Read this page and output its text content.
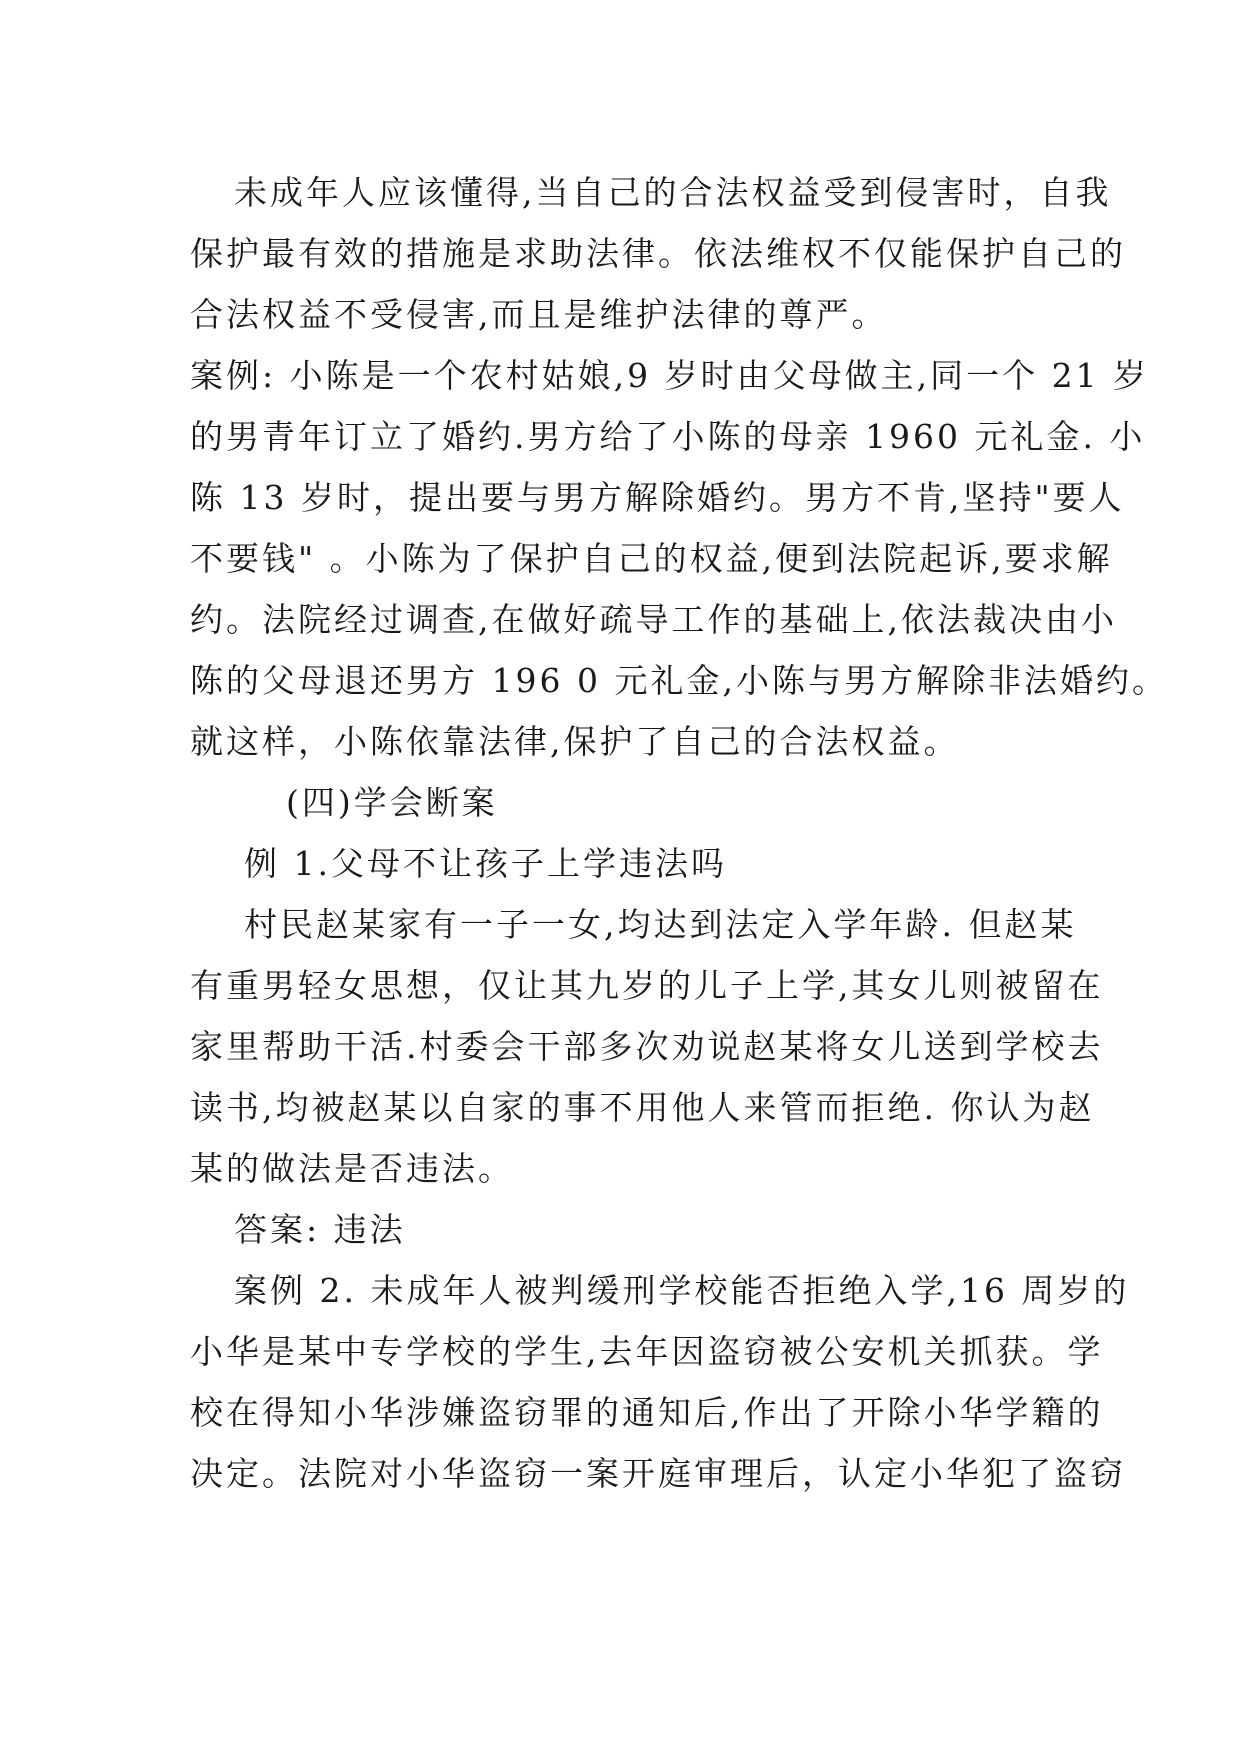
未成年人应该懂得,当自己的合法权益受到侵害时，自我
保护最有效的措施是求助法律。依法维权不仅能保护自己的
合法权益不受侵害,而且是维护法律的尊严。
案例: 小陈是一个农村姑娘,9 岁时由父母做主,同一个 21 岁
的男青年订立了婚约.男方给了小陈的母亲 1960 元礼金. 小
陈 13 岁时，提出要与男方解除婚约。男方不肯,坚持"要人
不要钱" 。小陈为了保护自己的权益,便到法院起诉,要求解
约。法院经过调查,在做好疏导工作的基础上,依法裁决由小
陈的父母退还男方 196 0 元礼金,小陈与男方解除非法婚约。
就这样，小陈依靠法律,保护了自己的合法权益。
(四)学会断案
例 1.父母不让孩子上学违法吗
村民赵某家有一子一女,均达到法定入学年龄. 但赵某
有重男轻女思想，仅让其九岁的儿子上学,其女儿则被留在
家里帮助干活.村委会干部多次劝说赵某将女儿送到学校去
读书,均被赵某以自家的事不用他人来管而拒绝. 你认为赵
某的做法是否违法。
答案: 违法
案例 2. 未成年人被判缓刑学校能否拒绝入学,16 周岁的
小华是某中专学校的学生,去年因盗窃被公安机关抓获。学
校在得知小华涉嫌盗窃罪的通知后,作出了开除小华学籍的
决定。法院对小华盗窃一案开庭审理后，认定小华犯了盗窃
